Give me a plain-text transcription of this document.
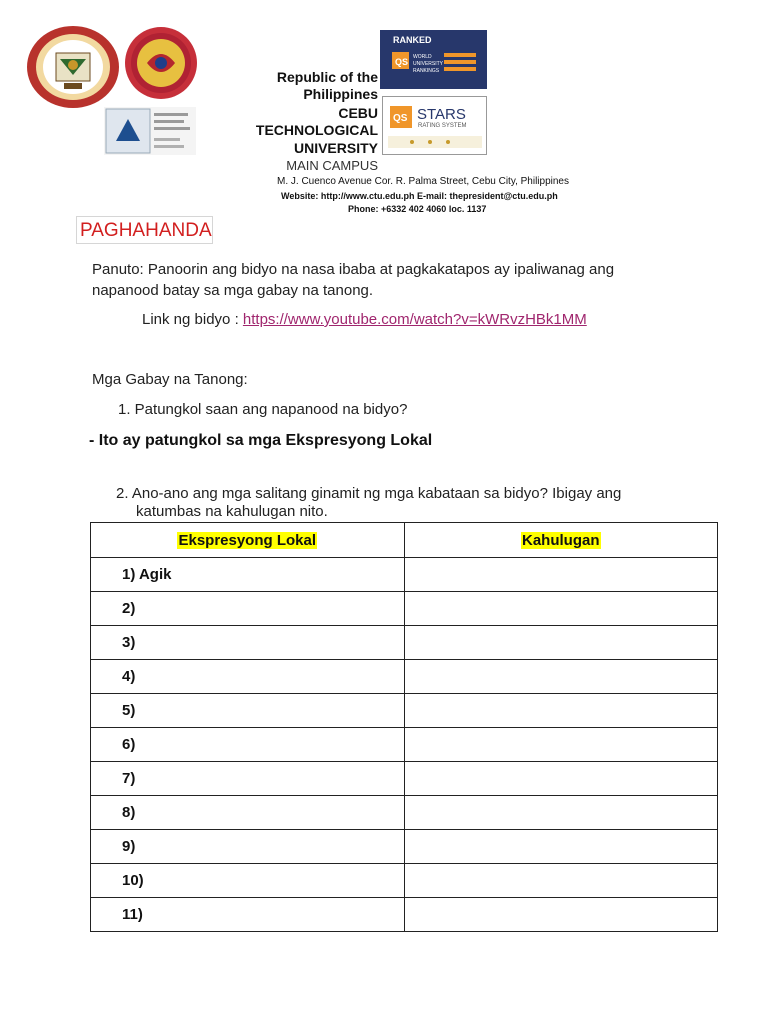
RANKED
QS WORLD
UNIVERSITY
RANKINGS
QS STARS
RATING SYSTEM
Republic of the
Philippines
CEBU
TECHNOLOGICAL
UNIVERSITY
MAIN CAMPUS
M. J. Cuenco Avenue Cor. R. Palma Street, Cebu City, Philippines
Website: http://www.ctu.edu.ph E-mail: thepresident@ctu.edu.ph
Phone: +6332 402 4060 loc. 1137
PAGHAHANDA
Panuto: Panoorin ang bidyo na nasa ibaba at pagkakatapos ay ipaliwanag ang
napanood batay sa mga gabay na tanong.
Link ng bidyo : https://www.youtube.com/watch?v=kWRvzHBk1MM
Mga Gabay na Tanong:
1. Patungkol saan ang napanood na bidyo?
- Ito ay patungkol sa mga Ekspresyong Lokal
2. Ano-ano ang mga salitang ginamit ng mga kabataan sa bidyo? Ibigay ang
katumbas na kahulugan nito.
Ekspresyong Lokal	Kahulugan
1) Agik	
2)	
3)	
4)	
5)	
6)	
7)	
8)	
9)	
10)	
11)	
